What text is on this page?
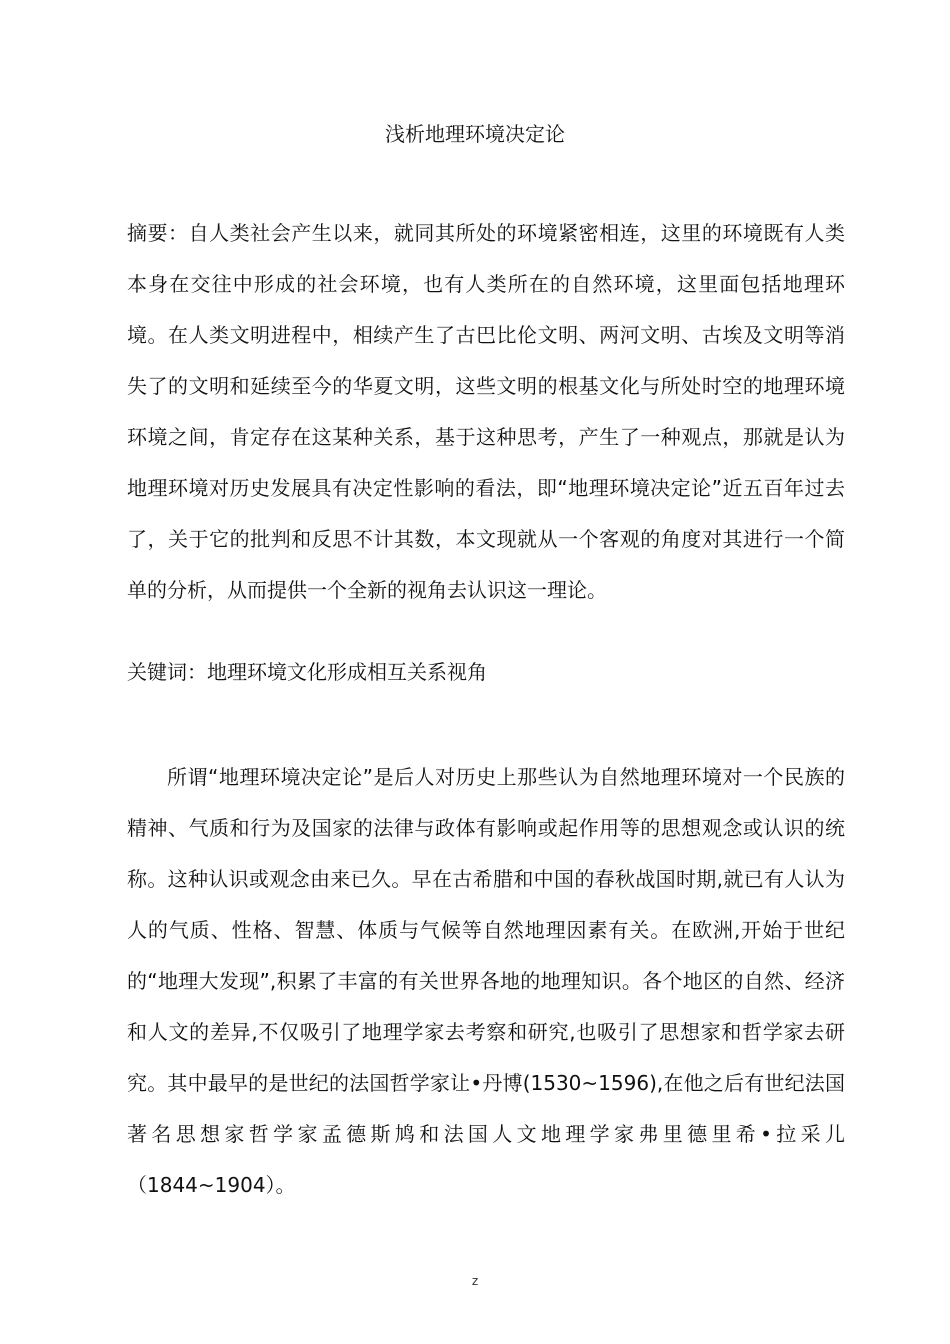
浅析地理环境决定论
摘要：自人类社会产生以来，就同其所处的环境紧密相连，这里的环境既有人类本身在交往中形成的社会环境，也有人类所在的自然环境，这里面包括地理环境。在人类文明进程中，相续产生了古巴比伦文明、两河文明、古埃及文明等消失了的文明和延续至今的华夏文明，这些文明的根基文化与所处时空的地理环境环境之间，肯定存在这某种关系，基于这种思考，产生了一种观点，那就是认为地理环境对历史发展具有决定性影响的看法，即“地理环境决定论”近五百年过去了，关于它的批判和反思不计其数，本文现就从一个客观的角度对其进行一个简单的分析，从而提供一个全新的视角去认识这一理论。
关键词：地理环境文化形成相互关系视角
所谓“地理环境决定论”是后人对历史上那些认为自然地理环境对一个民族的精神、气质和行为及国家的法律与政体有影响或起作用等的思想观念或认识的统称。这种认识或观念由来已久。早在古希腊和中国的春秋战国时期,就已有人认为人的气质、性格、智慧、体质与气候等自然地理因素有关。在欧洲,开始于世纪的“地理大发现”,积累了丰富的有关世界各地的地理知识。各个地区的自然、经济和人文的差异,不仅吸引了地理学家去考察和研究,也吸引了思想家和哲学家去研究。其中最早的是世纪的法国哲学家让•丹博(1530~1596),在他之后有世纪法国著名思想家哲学家孟德斯鸠和法国人文地理学家弗里德里希•拉采儿（1844~1904）。
z
